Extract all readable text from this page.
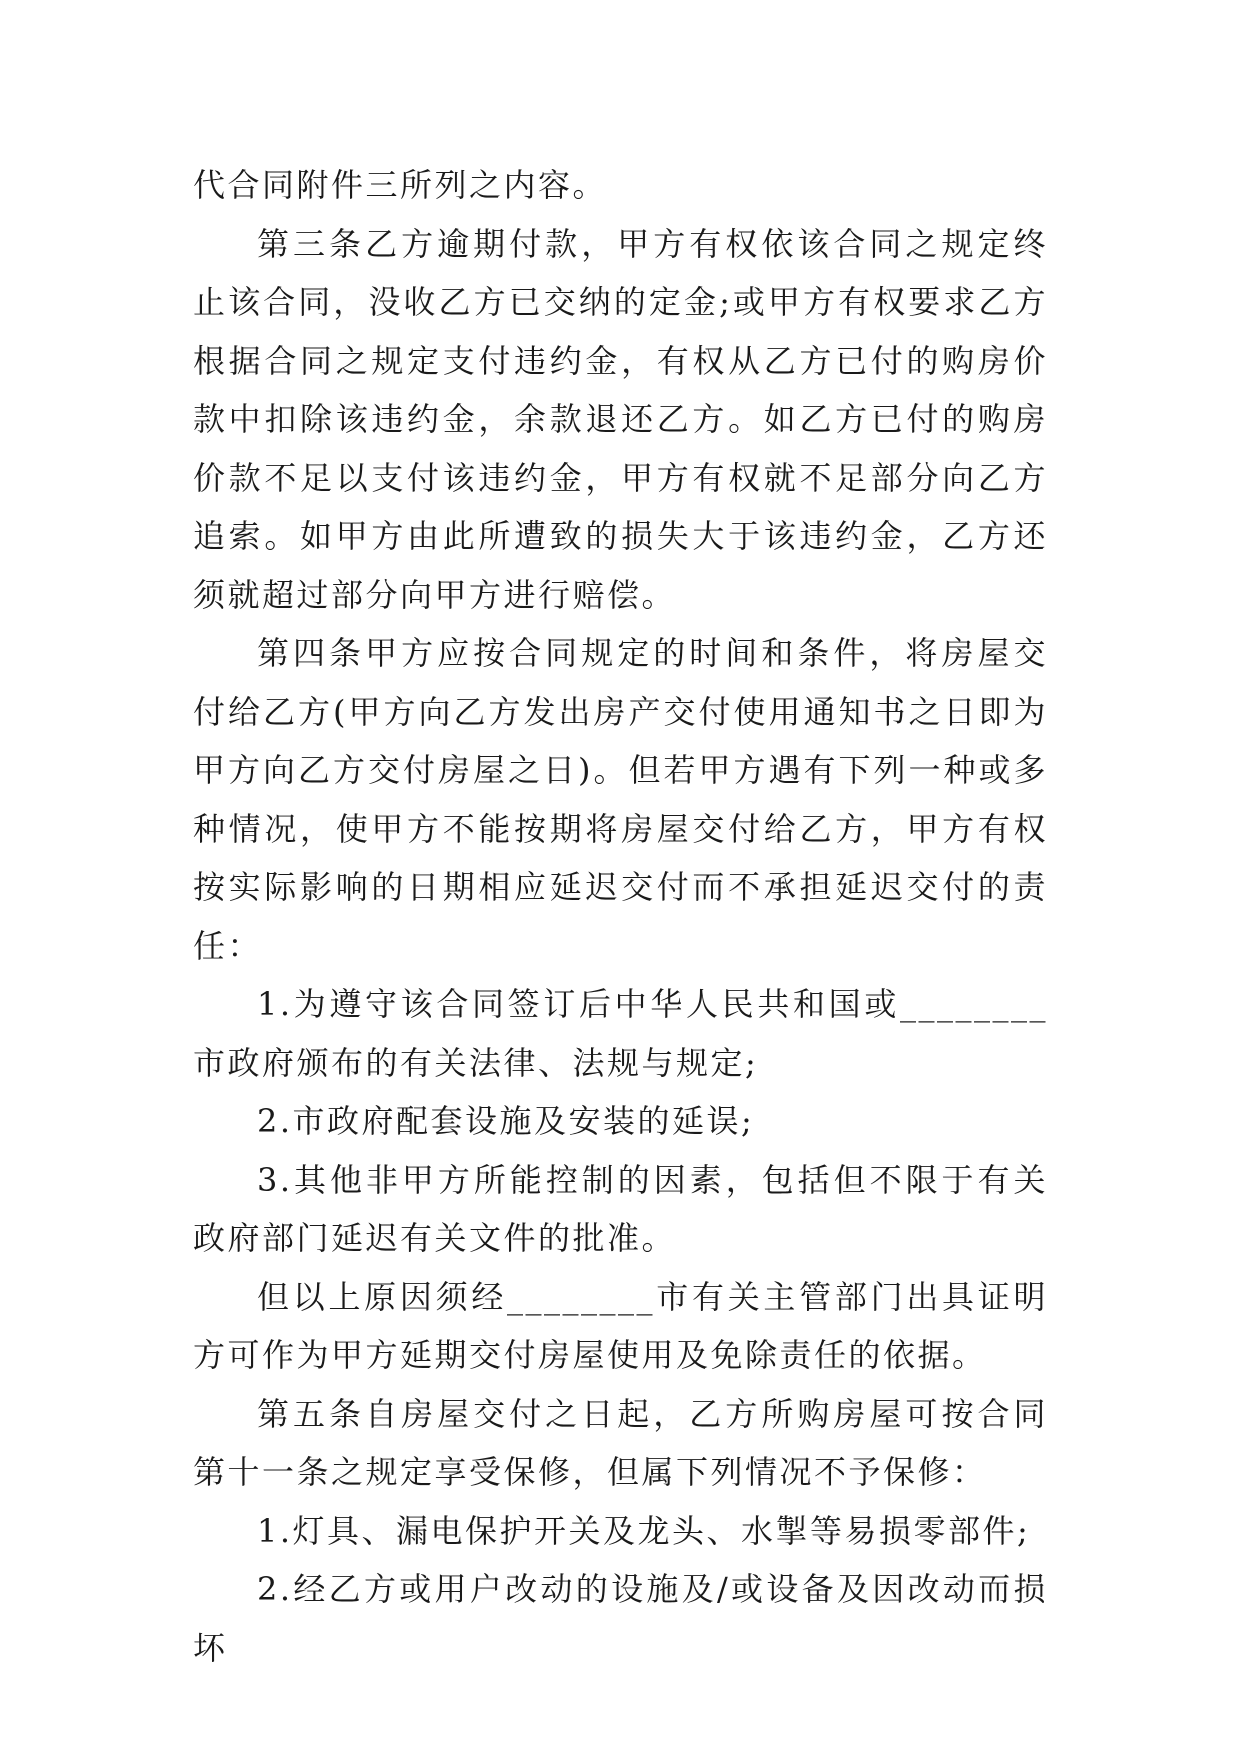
代合同附件三所列之内容。

第三条乙方逾期付款，甲方有权依该合同之规定终止该合同，没收乙方已交纳的定金;或甲方有权要求乙方根据合同之规定支付违约金，有权从乙方已付的购房价款中扣除该违约金，余款退还乙方。如乙方已付的购房价款不足以支付该违约金，甲方有权就不足部分向乙方追索。如甲方由此所遭致的损失大于该违约金，乙方还须就超过部分向甲方进行赔偿。

第四条甲方应按合同规定的时间和条件，将房屋交付给乙方(甲方向乙方发出房产交付使用通知书之日即为甲方向乙方交付房屋之日)。但若甲方遇有下列一种或多种情况，使甲方不能按期将房屋交付给乙方，甲方有权按实际影响的日期相应延迟交付而不承担延迟交付的责任：

1.为遵守该合同签订后中华人民共和国或________市政府颁布的有关法律、法规与规定;

2.市政府配套设施及安装的延误;

3.其他非甲方所能控制的因素，包括但不限于有关政府部门延迟有关文件的批准。

但以上原因须经________市有关主管部门出具证明方可作为甲方延期交付房屋使用及免除责任的依据。

第五条自房屋交付之日起，乙方所购房屋可按合同第十一条之规定享受保修，但属下列情况不予保修：

1.灯具、漏电保护开关及龙头、水掣等易损零部件;

2.经乙方或用户改动的设施及/或设备及因改动而损坏
